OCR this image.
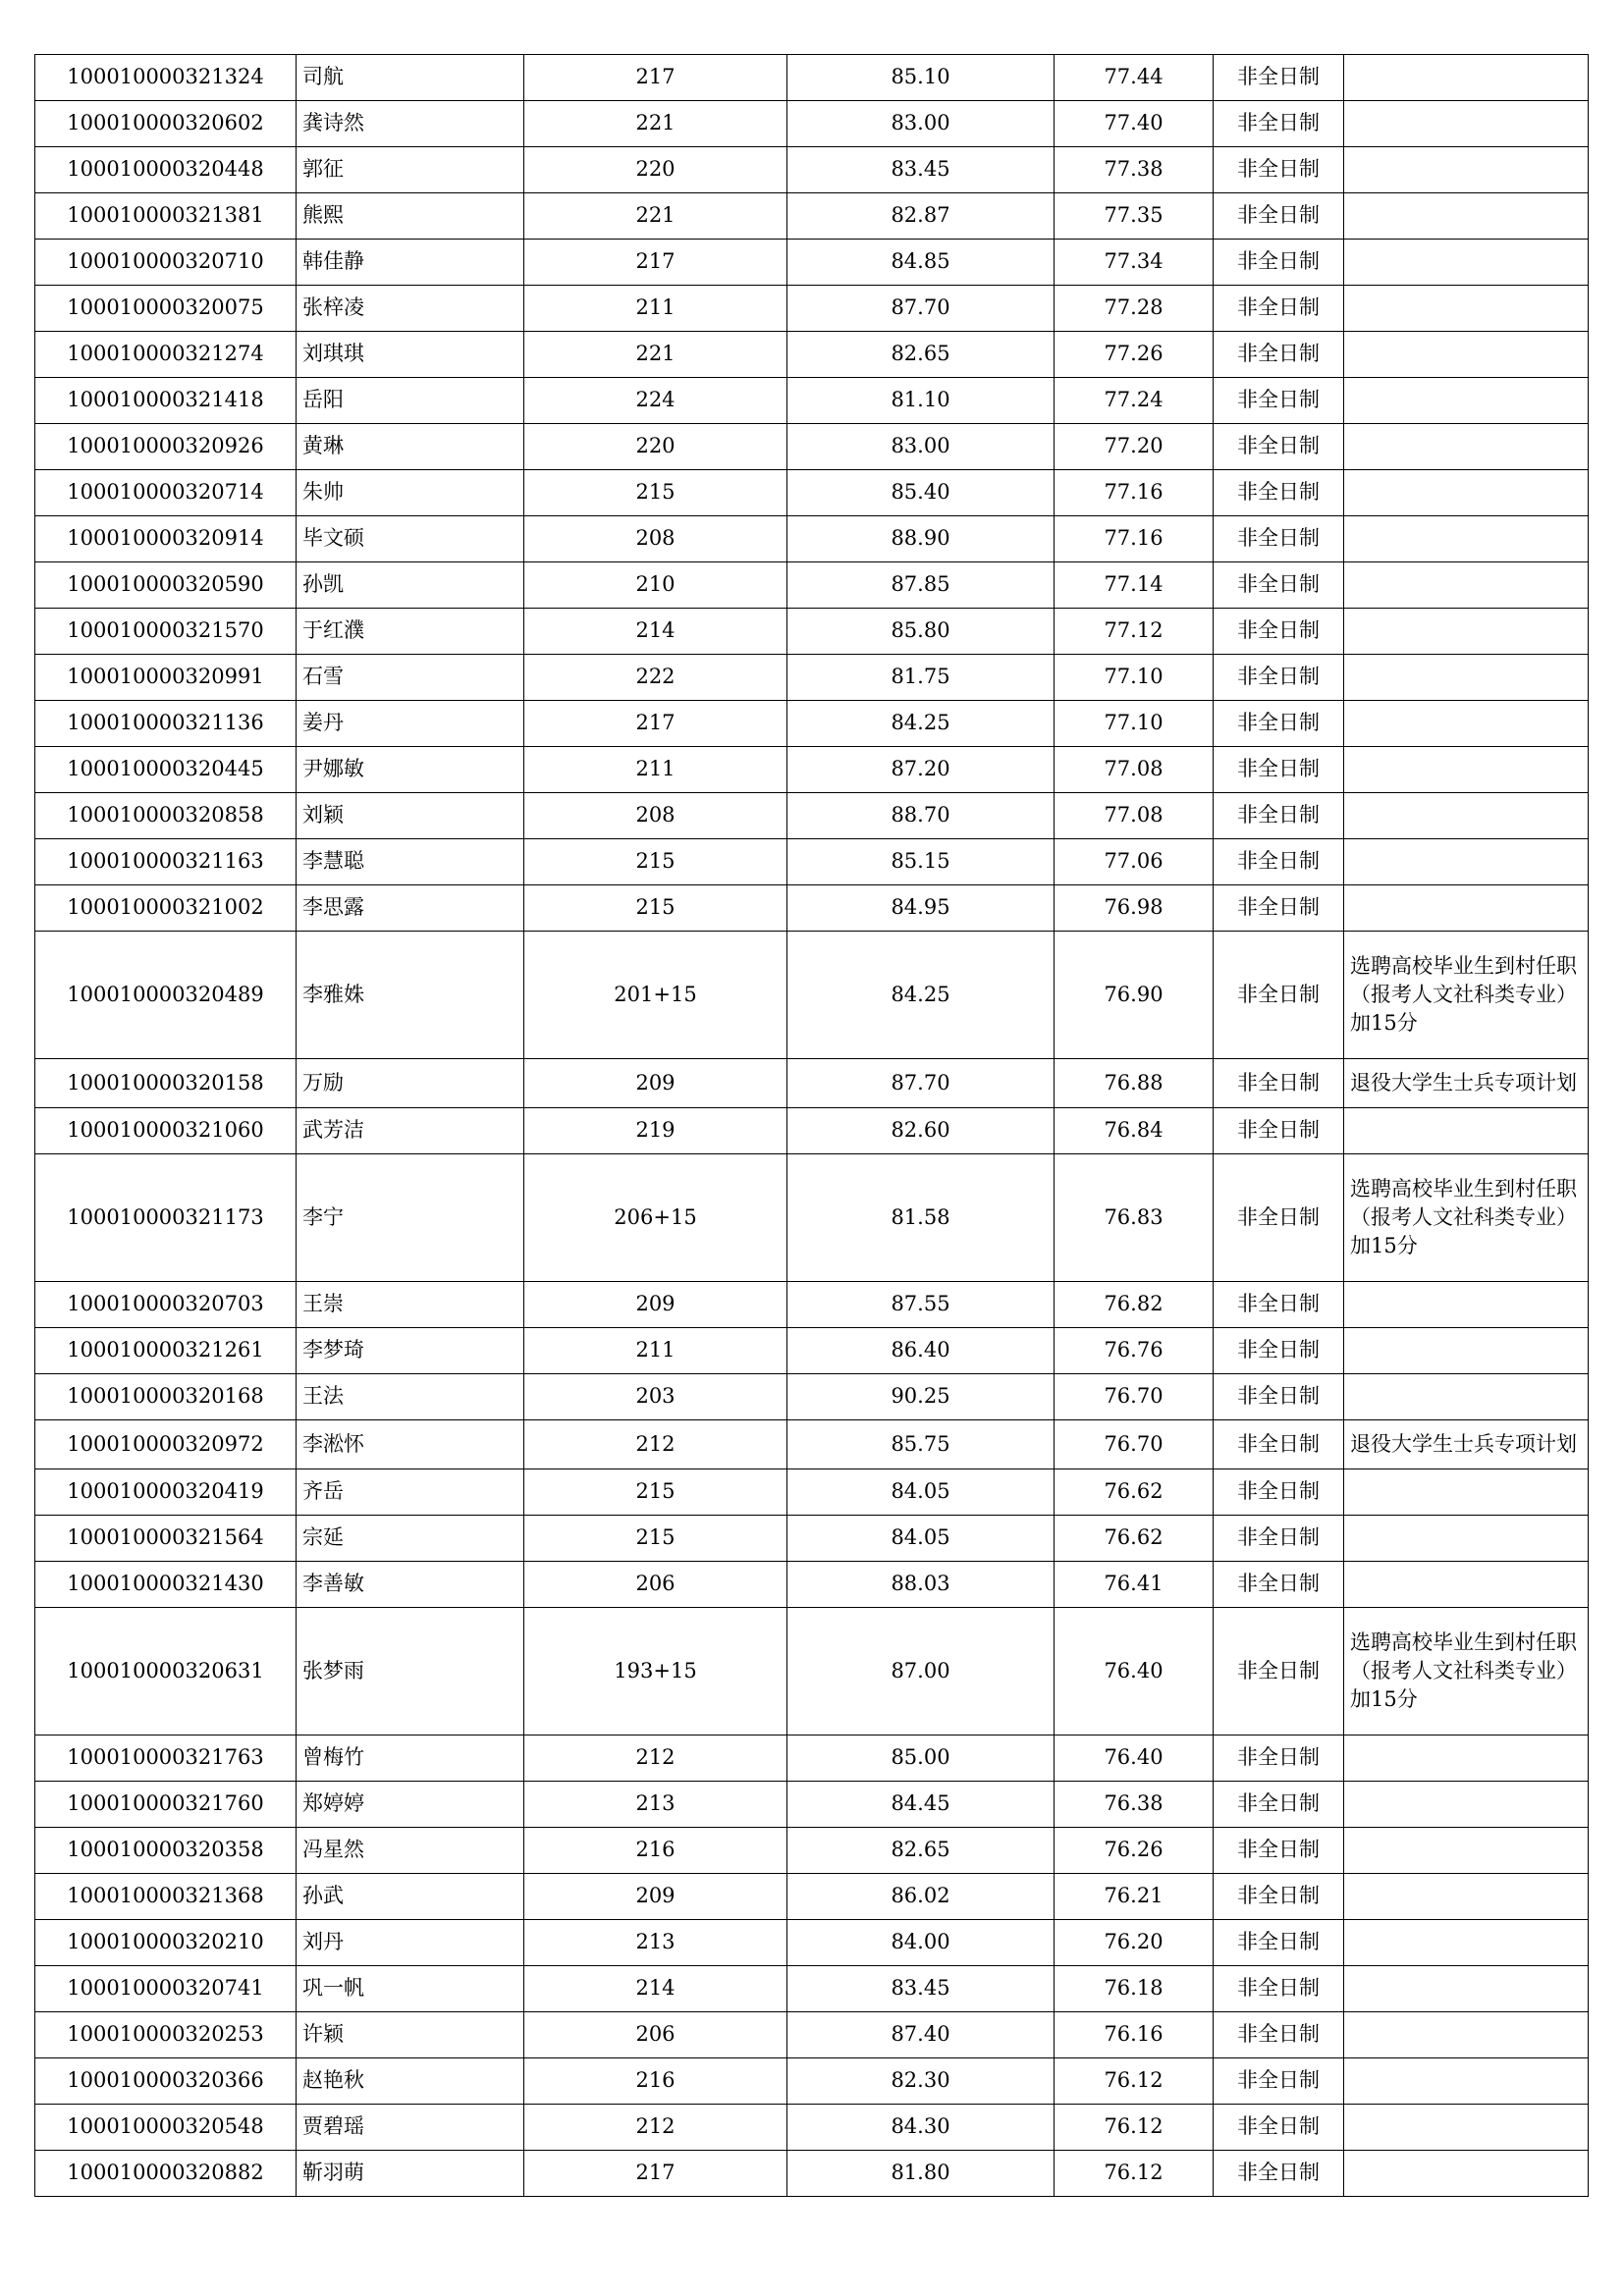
100010000321324	司航	217	85.10	77.44	非全日制	
100010000320602	龚诗然	221	83.00	77.40	非全日制	
100010000320448	郭征	220	83.45	77.38	非全日制	
100010000321381	熊熙	221	82.87	77.35	非全日制	
100010000320710	韩佳静	217	84.85	77.34	非全日制	
100010000320075	张梓凌	211	87.70	77.28	非全日制	
100010000321274	刘琪琪	221	82.65	77.26	非全日制	
100010000321418	岳阳	224	81.10	77.24	非全日制	
100010000320926	黄琳	220	83.00	77.20	非全日制	
100010000320714	朱帅	215	85.40	77.16	非全日制	
100010000320914	毕文硕	208	88.90	77.16	非全日制	
100010000320590	孙凯	210	87.85	77.14	非全日制	
100010000321570	于红濮	214	85.80	77.12	非全日制	
100010000320991	石雪	222	81.75	77.10	非全日制	
100010000321136	姜丹	217	84.25	77.10	非全日制	
100010000320445	尹娜敏	211	87.20	77.08	非全日制	
100010000320858	刘颖	208	88.70	77.08	非全日制	
100010000321163	李慧聪	215	85.15	77.06	非全日制	
100010000321002	李思露	215	84.95	76.98	非全日制	
100010000320489	李雅姝	201+15	84.25	76.90	非全日制	选聘高校毕业生到村任职（报考人文社科类专业）加15分
100010000320158	万励	209	87.70	76.88	非全日制	退役大学生士兵专项计划
100010000321060	武芳洁	219	82.60	76.84	非全日制	
100010000321173	李宁	206+15	81.58	76.83	非全日制	选聘高校毕业生到村任职（报考人文社科类专业）加15分
100010000320703	王崇	209	87.55	76.82	非全日制	
100010000321261	李梦琦	211	86.40	76.76	非全日制	
100010000320168	王法	203	90.25	76.70	非全日制	
100010000320972	李淞怀	212	85.75	76.70	非全日制	退役大学生士兵专项计划
100010000320419	齐岳	215	84.05	76.62	非全日制	
100010000321564	宗延	215	84.05	76.62	非全日制	
100010000321430	李善敏	206	88.03	76.41	非全日制	
100010000320631	张梦雨	193+15	87.00	76.40	非全日制	选聘高校毕业生到村任职（报考人文社科类专业）加15分
100010000321763	曾梅竹	212	85.00	76.40	非全日制	
100010000321760	郑婷婷	213	84.45	76.38	非全日制	
100010000320358	冯星然	216	82.65	76.26	非全日制	
100010000321368	孙武	209	86.02	76.21	非全日制	
100010000320210	刘丹	213	84.00	76.20	非全日制	
100010000320741	巩一帆	214	83.45	76.18	非全日制	
100010000320253	许颖	206	87.40	76.16	非全日制	
100010000320366	赵艳秋	216	82.30	76.12	非全日制	
100010000320548	贾碧瑶	212	84.30	76.12	非全日制	
100010000320882	靳羽萌	217	81.80	76.12	非全日制	
